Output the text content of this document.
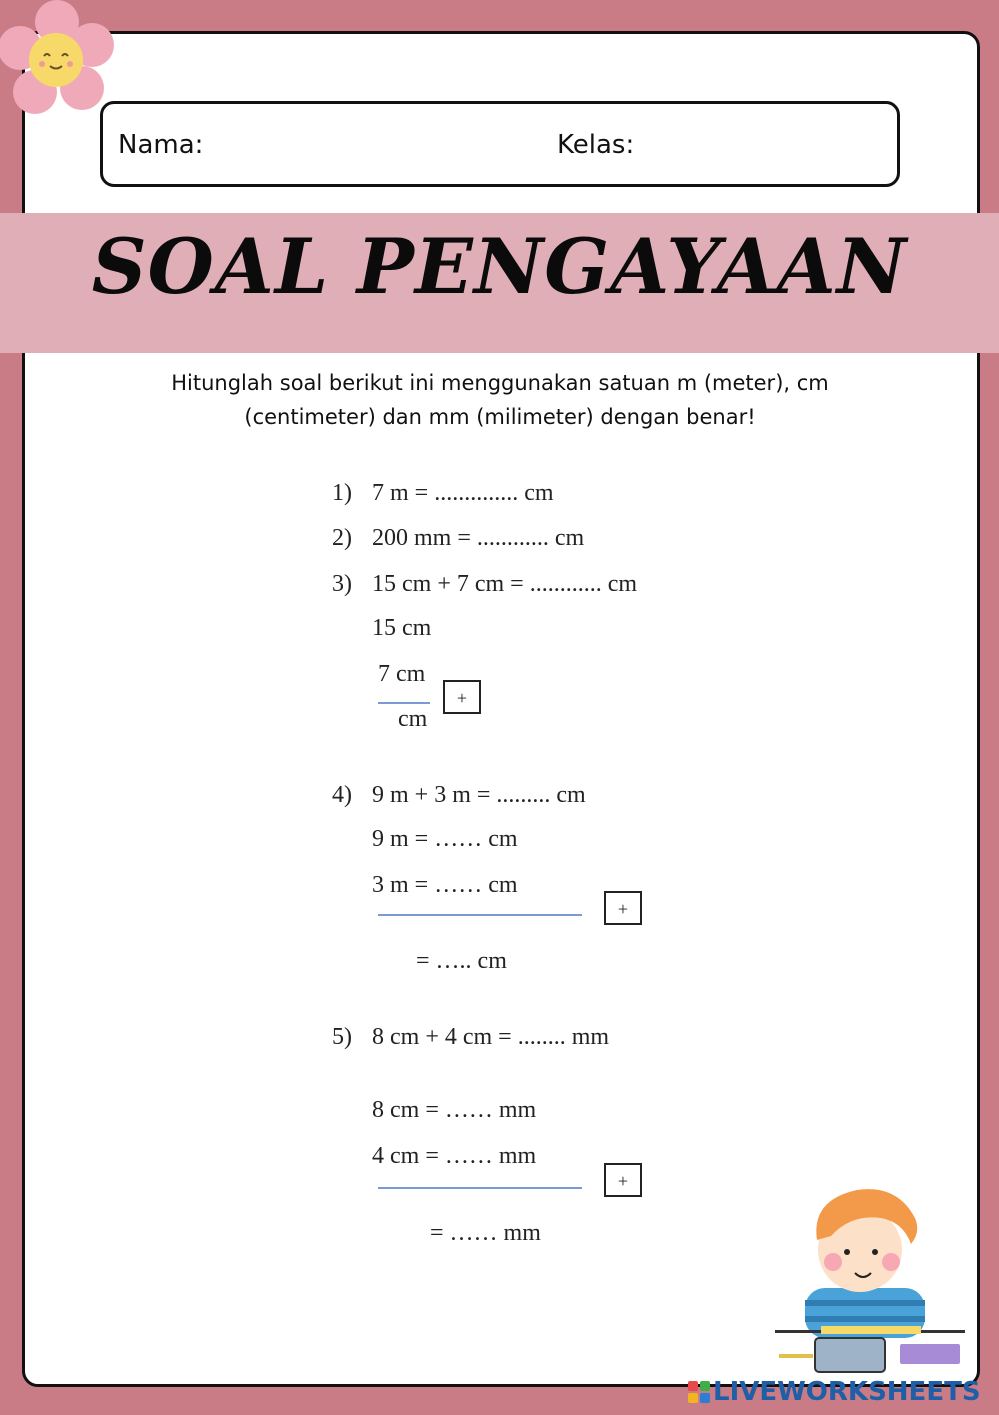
Nama:	Kelas:
SOAL PENGAYAAN
Hitunglah soal berikut ini menggunakan satuan m (meter), cm
(centimeter) dan mm (milimeter) dengan benar!
1) 7 m = .............. cm
2) 200 mm = ............ cm
3) 15 cm + 7 cm = ............ cm
15 cm
7 cm
+
cm
4) 9 m + 3 m = ......... cm
9 m = …… cm
3 m = …… cm
+
= ….. cm
5) 8 cm + 4 cm = ........ mm
8 cm = …… mm
4 cm = …… mm
+
= …… mm
LIVEWORKSHEETS
